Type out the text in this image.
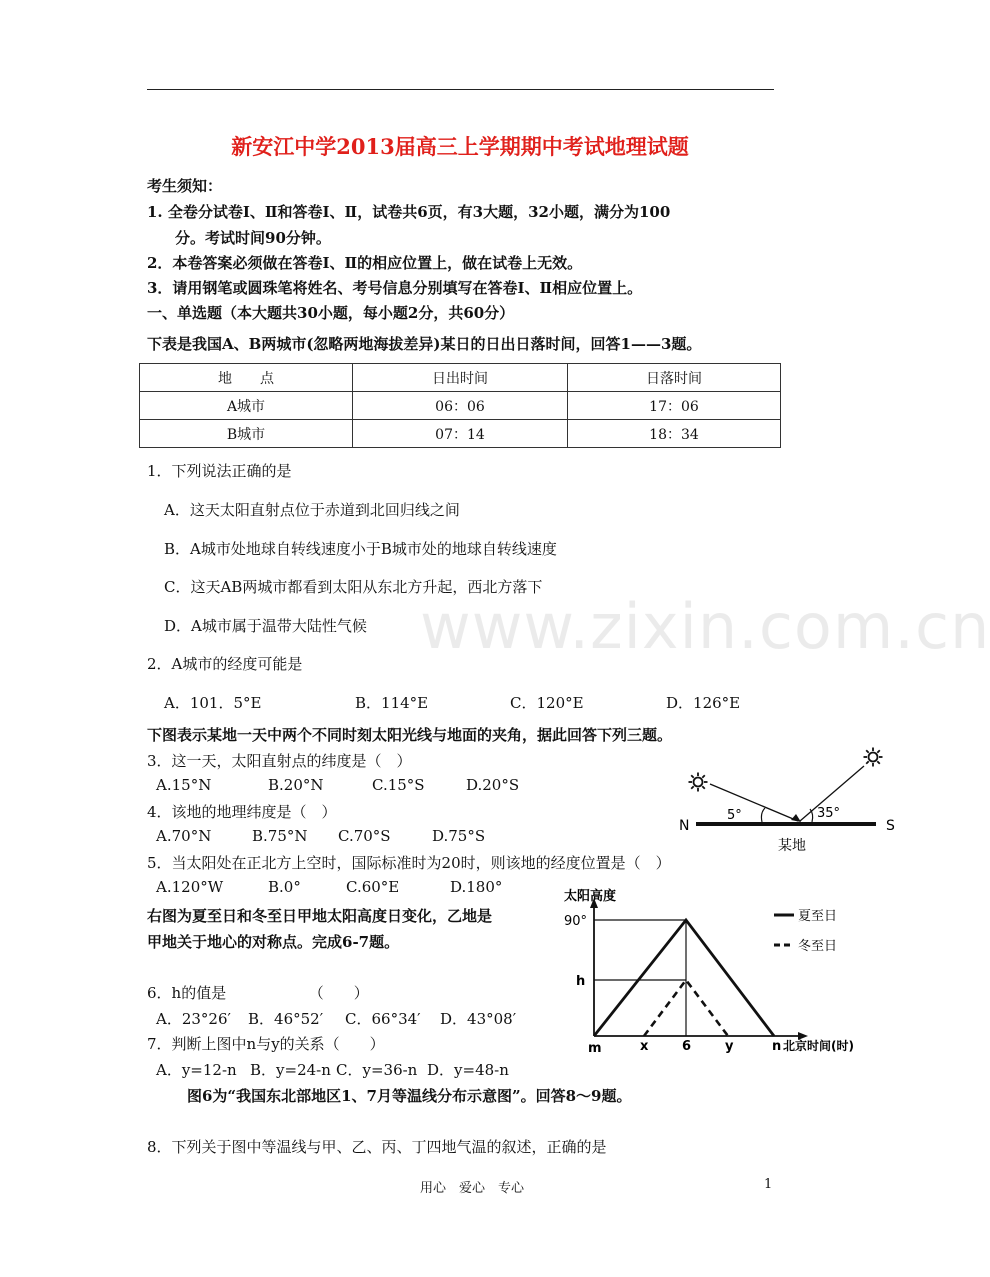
新安江中学2013届高三上学期期中考试地理试题
考生须知：
1. 全卷分试卷Ⅰ、Ⅱ和答卷Ⅰ、Ⅱ，试卷共6页，有3大题，32小题，满分为100
分。考试时间90分钟。
2．本卷答案必须做在答卷Ⅰ、Ⅱ的相应位置上，做在试卷上无效。
3．请用钢笔或圆珠笔将姓名、考号信息分别填写在答卷Ⅰ、Ⅱ相应位置上。
一、单选题（本大题共30小题，每小题2分，共60分）
下表是我国A、B两城市(忽略两地海拔差异)某日的日出日落时间，回答1——3题。
地　　点	日出时间	日落时间
A城市	06：06	17：06
B城市	07：14	18：34
1．下列说法正确的是
A．这天太阳直射点位于赤道到北回归线之间
B．A城市处地球自转线速度小于B城市处的地球自转线速度
C．这天AB两城市都看到太阳从东北方升起，西北方落下
D．A城市属于温带大陆性气候 www.zixin.com.cn
2．A城市的经度可能是
A．101．5°E	B．114°E	C．120°E	D．126°E
下图表示某地一天中两个不同时刻太阳光线与地面的夹角，据此回答下列三题。
3．这一天，太阳直射点的纬度是（　）
A.15°N	B.20°N	C.15°S	D.20°S
4．该地的地理纬度是（　）
A.70°N	B.75°N C.70°S	D.75°S
5．当太阳处在正北方上空时，国际标准时为20时，则该地的经度位置是（　）
A.120°W	B.0°	C.60°E	D.180°
右图为夏至日和冬至日甲地太阳高度日变化，乙地是
甲地关于地心的对称点。完成6-7题。
6．h的值是　　　　　　（　　）
A．23°26′ B．46°52′ C．66°34′ D．43°08′
7．判断上图中n与y的关系（　　）
A．y=12-n B．y=24-n C．y=36-n D．y=48-n
图6为“我国东北部地区1、7月等温线分布示意图”。回答8～9题。
8．下列关于图中等温线与甲、乙、丙、丁四地气温的叙述，正确的是
用心　爱心　专心	1
5°	35°
N	S
某地
夏至日
冬至日
太阳高度
90°
h
m	x	6	y	n 北京时间(时)
